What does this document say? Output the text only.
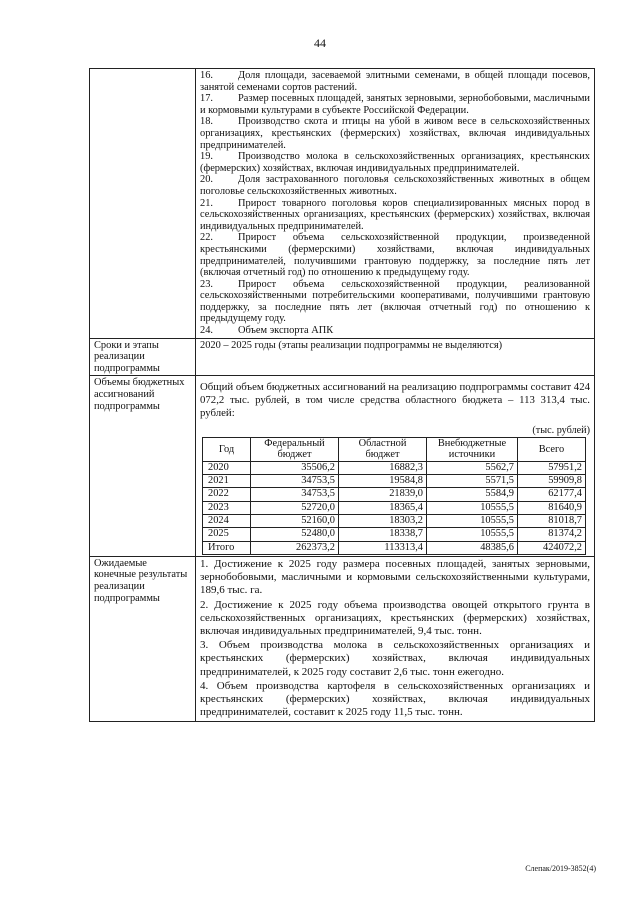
44

16. Доля площади, засеваемой элитными семенами, в общей площади посевов, занятой семенами сортов растений.
17. Размер посевных площадей, занятых зерновыми, зернобобовыми, масличными и кормовыми культурами в субъекте Российской Федерации.
18. Производство скота и птицы на убой в живом весе в сельскохозяйственных организациях, крестьянских (фермерских) хозяйствах, включая индивидуальных предпринимателей.
19. Производство молока в сельскохозяйственных организациях, крестьянских (фермерских) хозяйствах, включая индивидуальных предпринимателей.
20. Доля застрахованного поголовья сельскохозяйственных животных в общем поголовье сельскохозяйственных животных.
21. Прирост товарного поголовья коров специализированных мясных пород в сельскохозяйственных организациях, крестьянских (фермерских) хозяйствах, включая индивидуальных предпринимателей.
22. Прирост объема сельскохозяйственной продукции, произведенной крестьянскими (фермерскими) хозяйствами, включая индивидуальных предпринимателей, получившими грантовую поддержку, за последние пять лет (включая отчетный год) по отношению к предыдущему году.
23. Прирост объема сельскохозяйственной продукции, реализованной сельскохозяйственными потребительскими кооперативами, получившими грантовую поддержку, за последние пять лет (включая отчетный год) по отношению к предыдущему году.
24. Объем экспорта АПК

Сроки и этапы реализации подпрограммы	2020 – 2025 годы (этапы реализации подпрограммы не выделяются)
Объемы бюджетных ассигнований подпрограммы	
Общий объем бюджетных ассигнований на реализацию подпрограммы составит 424 072,2 тыс. рублей, в том числе средства областного бюджета – 113 313,4 тыс. рублей:
(тыс. рублей)
Год	Федеральный бюджет	Областной бюджет	Внебюджетные источники	Всего
2020	35506,2	16882,3	5562,7	57951,2
2021	34753,5	19584,8	5571,5	59909,8
2022	34753,5	21839,0	5584,9	62177,4
2023	52720,0	18365,4	10555,5	81640,9
2024	52160,0	18303,2	10555,5	81018,7
2025	52480,0	18338,7	10555,5	81374,2
Итого	262373,2	113313,4	48385,6	424072,2

Ожидаемые конечные результаты реализации подпрограммы	
1. Достижение к 2025 году размера посевных площадей, занятых зерновыми, зернобобовыми, масличными и кормовыми сельскохозяйственными культурами, 189,6 тыс. га.
2. Достижение к 2025 году объема производства овощей открытого грунта в сельскохозяйственных организациях, крестьянских (фермерских) хозяйствах, включая индивидуальных предпринимателей, 9,4 тыс. тонн.
3. Объем производства молока в сельскохозяйственных организациях и крестьянских (фермерских) хозяйствах, включая индивидуальных предпринимателей, к 2025 году составит 2,6 тыс. тонн ежегодно.
4. Объем производства картофеля в сельскохозяйственных организациях и крестьянских (фермерских) хозяйствах, включая индивидуальных предпринимателей, составит к 2025 году 11,5 тыс. тонн.
Слепак/2019-3852(4)
